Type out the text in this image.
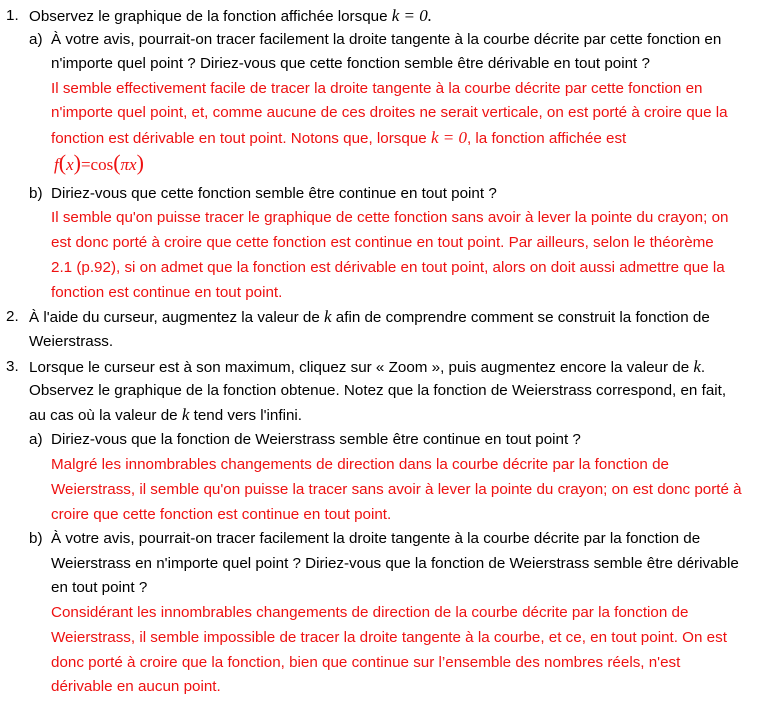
1. Observez le graphique de la fonction affichée lorsque k = 0.
a) À votre avis, pourrait-on tracer facilement la droite tangente à la courbe décrite par cette fonction en
n'importe quel point ? Diriez-vous que cette fonction semble être dérivable en tout point ?
Il semble effectivement facile de tracer la droite tangente à la courbe décrite par cette fonction en
n'importe quel point, et, comme aucune de ces droites ne serait verticale, on est porté à croire que la
fonction est dérivable en tout point. Notons que, lorsque k = 0, la fonction affichée est
f(x)=cos(πx)
b) Diriez-vous que cette fonction semble être continue en tout point ?
Il semble qu'on puisse tracer le graphique de cette fonction sans avoir à lever la pointe du crayon; on
est donc porté à croire que cette fonction est continue en tout point. Par ailleurs, selon le théorème
2.1 (p.92), si on admet que la fonction est dérivable en tout point, alors on doit aussi admettre que la
fonction est continue en tout point.
2. À l'aide du curseur, augmentez la valeur de k afin de comprendre comment se construit la fonction de
Weierstrass.
3. Lorsque le curseur est à son maximum, cliquez sur « Zoom », puis augmentez encore la valeur de k.
Observez le graphique de la fonction obtenue. Notez que la fonction de Weierstrass correspond, en fait,
au cas où la valeur de k tend vers l'infini.
a) Diriez-vous que la fonction de Weierstrass semble être continue en tout point ?
Malgré les innombrables changements de direction dans la courbe décrite par la fonction de
Weierstrass, il semble qu'on puisse la tracer sans avoir à lever la pointe du crayon; on est donc porté à
croire que cette fonction est continue en tout point.
b) À votre avis, pourrait-on tracer facilement la droite tangente à la courbe décrite par la fonction de
Weierstrass en n'importe quel point ? Diriez-vous que la fonction de Weierstrass semble être dérivable
en tout point ?
Considérant les innombrables changements de direction de la courbe décrite par la fonction de
Weierstrass, il semble impossible de tracer la droite tangente à la courbe, et ce, en tout point. On est
donc porté à croire que la fonction, bien que continue sur l’ensemble des nombres réels, n'est
dérivable en aucun point.
